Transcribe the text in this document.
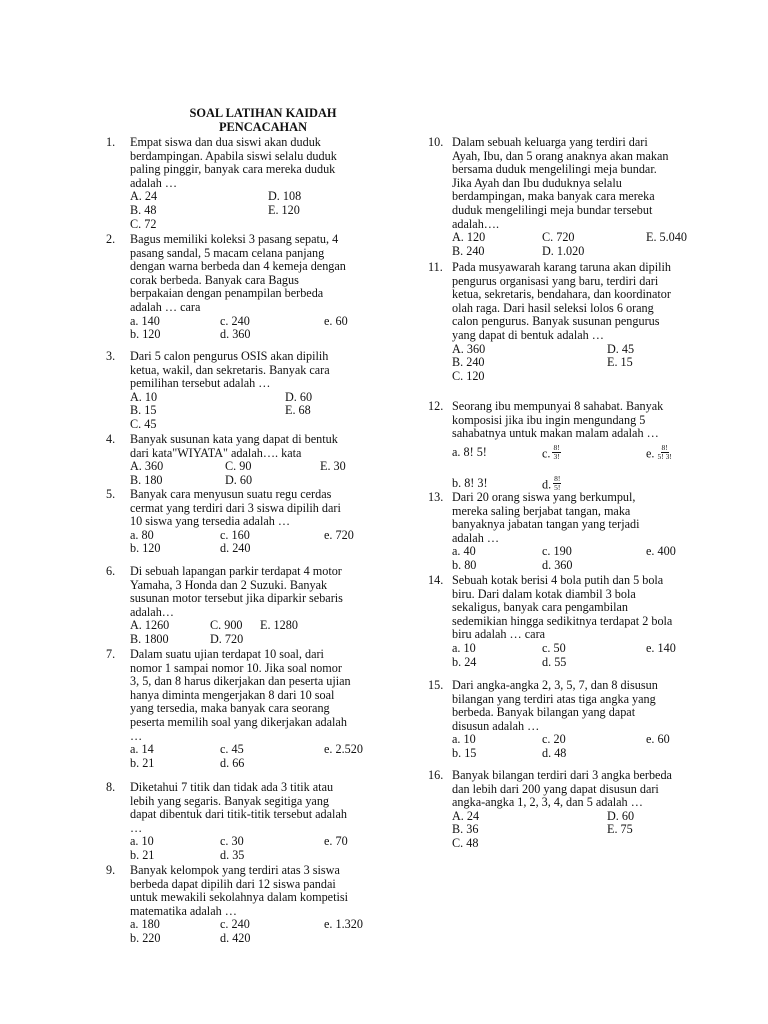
SOAL LATIHAN KAIDAH
PENCACAHAN
1. Empat siswa dan dua siswi akan duduk
berdampingan. Apabila siswi selalu duduk
paling pinggir, banyak cara mereka duduk
adalah …
A. 24	D. 108
B. 48	E. 120
C. 72
2. Bagus memiliki koleksi 3 pasang sepatu, 4
pasang sandal, 5 macam celana panjang
dengan warna berbeda dan 4 kemeja dengan
corak berbeda. Banyak cara Bagus
berpakaian dengan penampilan berbeda
adalah … cara
a. 140	c. 240	e. 60
b. 120	d. 360
3. Dari 5 calon pengurus OSIS akan dipilih
ketua, wakil, dan sekretaris. Banyak cara
pemilihan tersebut adalah …
A. 10	D. 60
B. 15	E. 68
C. 45
4. Banyak susunan kata yang dapat di bentuk
dari kata"WIYATA" adalah…. kata
A. 360	C. 90	E. 30
B. 180	D. 60
5. Banyak cara menyusun suatu regu cerdas
cermat yang terdiri dari 3 siswa dipilih dari
10 siswa yang tersedia adalah …
a. 80	c. 160	e. 720
b. 120	d. 240
6. Di sebuah lapangan parkir terdapat 4 motor
Yamaha, 3 Honda dan 2 Suzuki. Banyak
susunan motor tersebut jika diparkir sebaris
adalah…
A. 1260	C. 900 E. 1280
B. 1800	D. 720
7. Dalam suatu ujian terdapat 10 soal, dari
nomor 1 sampai nomor 10. Jika soal nomor
3, 5, dan 8 harus dikerjakan dan peserta ujian
hanya diminta mengerjakan 8 dari 10 soal
yang tersedia, maka banyak cara seorang
peserta memilih soal yang dikerjakan adalah
…
a. 14	c. 45	e. 2.520
b. 21	d. 66
8. Diketahui 7 titik dan tidak ada 3 titik atau
lebih yang segaris. Banyak segitiga yang
dapat dibentuk dari titik-titik tersebut adalah
…
a. 10	c. 30	e. 70
b. 21	d. 35
9. Banyak kelompok yang terdiri atas 3 siswa
berbeda dapat dipilih dari 12 siswa pandai
untuk mewakili sekolahnya dalam kompetisi
matematika adalah …
a. 180	c. 240	e. 1.320
b. 220	d. 420
10. Dalam sebuah keluarga yang terdiri dari
Ayah, Ibu, dan 5 orang anaknya akan makan
bersama duduk mengelilingi meja bundar.
Jika Ayah dan Ibu duduknya selalu
berdampingan, maka banyak cara mereka
duduk mengelilingi meja bundar tersebut
adalah….
A. 120	C. 720	E. 5.040
B. 240	D. 1.020
11. Pada musyawarah karang taruna akan dipilih
pengurus organisasi yang baru, terdiri dari
ketua, sekretaris, bendahara, dan koordinator
olah raga. Dari hasil seleksi lolos 6 orang
calon pengurus. Banyak susunan pengurus
yang dapat di bentuk adalah …
A. 360	D. 45
B. 240	E. 15
C. 120
12. Seorang ibu mempunyai 8 sahabat. Banyak
komposisi jika ibu ingin mengundang 5
sahabatnya untuk makan malam adalah …
a. 8! 5!	c. $\frac{8!}{3!}$	e. $\frac{8!}{5! 3!}$
b. 8! 3!	d. $\frac{8!}{5!}$
13. Dari 20 orang siswa yang berkumpul,
mereka saling berjabat tangan, maka
banyaknya jabatan tangan yang terjadi
adalah …
a. 40	c. 190	e. 400
b. 80	d. 360
14. Sebuah kotak berisi 4 bola putih dan 5 bola
biru. Dari dalam kotak diambil 3 bola
sekaligus, banyak cara pengambilan
sedemikian hingga sedikitnya terdapat 2 bola
biru adalah … cara
a. 10	c. 50	e. 140
b. 24	d. 55
15. Dari angka-angka 2, 3, 5, 7, dan 8 disusun
bilangan yang terdiri atas tiga angka yang
berbeda. Banyak bilangan yang dapat
disusun adalah …
a. 10	c. 20	e. 60
b. 15	d. 48
16. Banyak bilangan terdiri dari 3 angka berbeda
dan lebih dari 200 yang dapat disusun dari
angka-angka 1, 2, 3, 4, dan 5 adalah …
A. 24	D. 60
B. 36	E. 75
C. 48
